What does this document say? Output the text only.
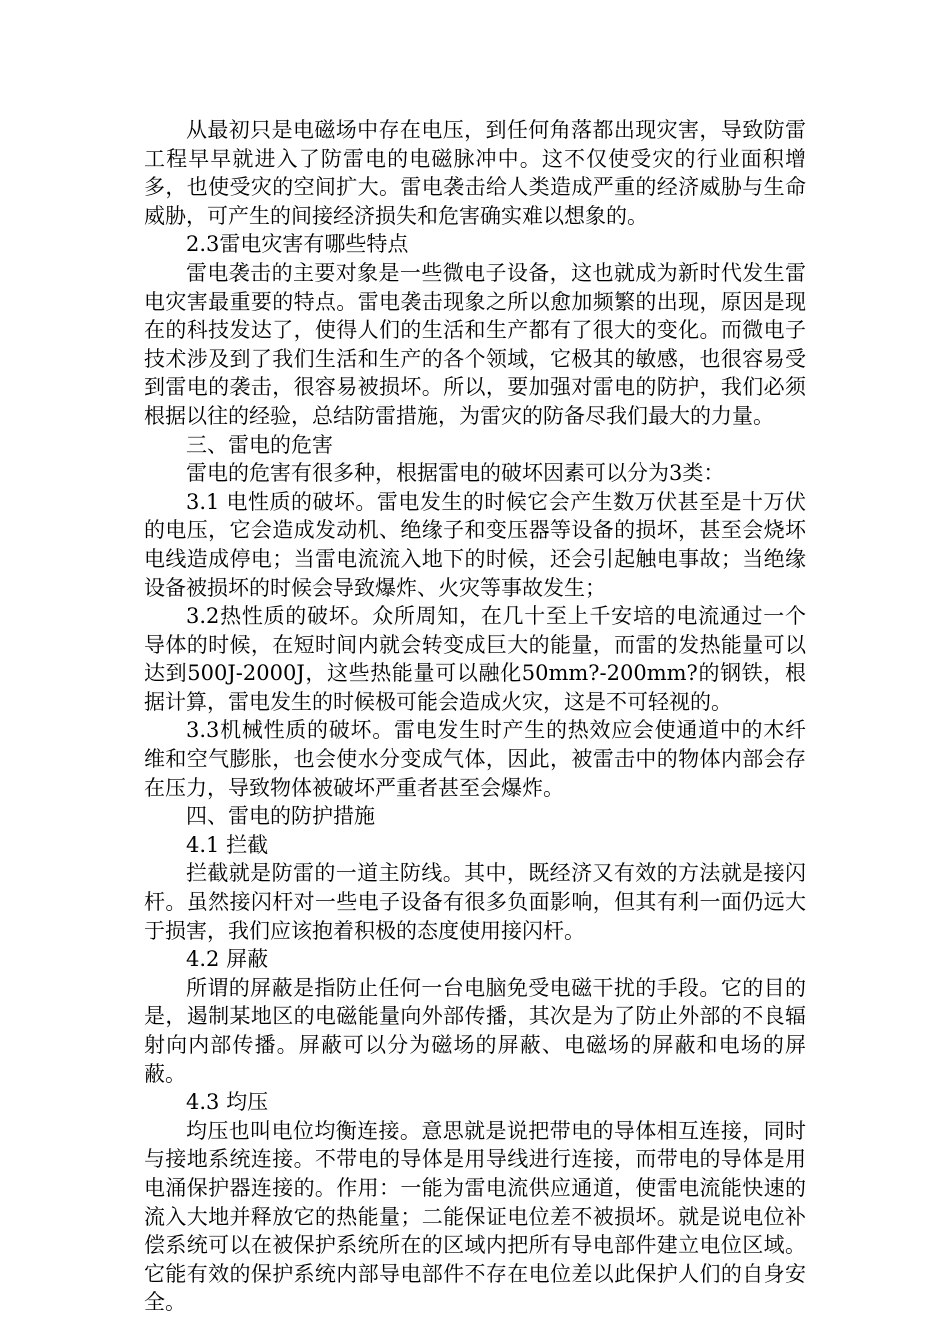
从最初只是电磁场中存在电压，到任何角落都出现灾害，导致防雷工程早早就进入了防雷电的电磁脉冲中。这不仅使受灾的行业面积增多，也使受灾的空间扩大。雷电袭击给人类造成严重的经济威胁与生命威胁，可产生的间接经济损失和危害确实难以想象的。

2.3雷电灾害有哪些特点

雷电袭击的主要对象是一些微电子设备，这也就成为新时代发生雷电灾害最重要的特点。雷电袭击现象之所以愈加频繁的出现，原因是现在的科技发达了，使得人们的生活和生产都有了很大的变化。而微电子技术涉及到了我们生活和生产的各个领域，它极其的敏感，也很容易受到雷电的袭击，很容易被损坏。所以，要加强对雷电的防护，我们必须根据以往的经验，总结防雷措施，为雷灾的防备尽我们最大的力量。

三、雷电的危害

雷电的危害有很多种，根据雷电的破坏因素可以分为3类：

3.1 电性质的破坏。雷电发生的时候它会产生数万伏甚至是十万伏的电压，它会造成发动机、绝缘子和变压器等设备的损坏，甚至会烧坏电线造成停电；当雷电流流入地下的时候，还会引起触电事故；当绝缘设备被损坏的时候会导致爆炸、火灾等事故发生；

3.2热性质的破坏。众所周知，在几十至上千安培的电流通过一个导体的时候，在短时间内就会转变成巨大的能量，而雷的发热能量可以达到500J-2000J，这些热能量可以融化50mm?-200mm?的钢铁，根据计算，雷电发生的时候极可能会造成火灾，这是不可轻视的。

3.3机械性质的破坏。雷电发生时产生的热效应会使通道中的木纤维和空气膨胀，也会使水分变成气体，因此，被雷击中的物体内部会存在压力，导致物体被破坏严重者甚至会爆炸。

四、雷电的防护措施

4.1 拦截

拦截就是防雷的一道主防线。其中，既经济又有效的方法就是接闪杆。虽然接闪杆对一些电子设备有很多负面影响，但其有利一面仍远大于损害，我们应该抱着积极的态度使用接闪杆。

4.2 屏蔽

所谓的屏蔽是指防止任何一台电脑免受电磁干扰的手段。它的目的是，遏制某地区的电磁能量向外部传播，其次是为了防止外部的不良辐射向内部传播。屏蔽可以分为磁场的屏蔽、电磁场的屏蔽和电场的屏蔽。

4.3 均压

均压也叫电位均衡连接。意思就是说把带电的导体相互连接，同时与接地系统连接。不带电的导体是用导线进行连接，而带电的导体是用电涌保护器连接的。作用：一能为雷电流供应通道，使雷电流能快速的流入大地并释放它的热能量；二能保证电位差不被损坏。就是说电位补偿系统可以在被保护系统所在的区域内把所有导电部件建立电位区域。它能有效的保护系统内部导电部件不存在电位差以此保护人们的自身安全。
